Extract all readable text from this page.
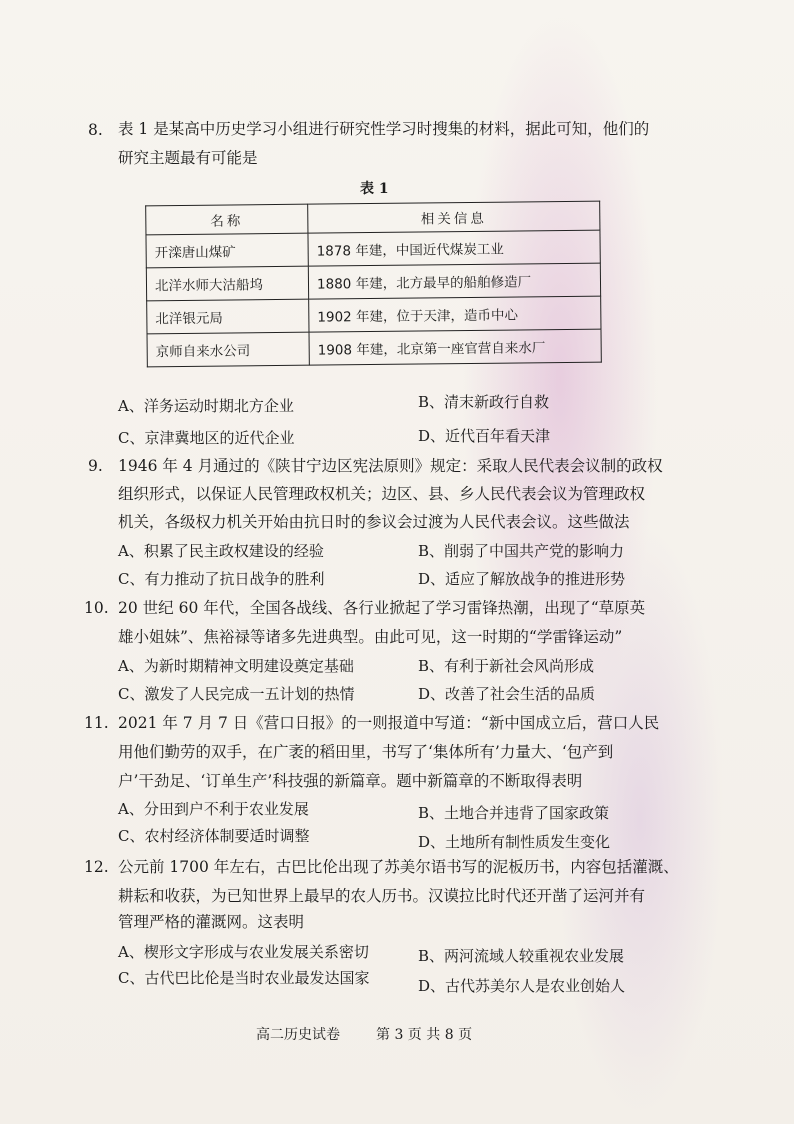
8. 表 1 是某高中历史学习小组进行研究性学习时搜集的材料，据此可知，他们的
研究主题最有可能是
表 1
名称	相关信息
开滦唐山煤矿	1878 年建，中国近代煤炭工业
北洋水师大沽船坞	1880 年建，北方最早的船舶修造厂
北洋银元局	1902 年建，位于天津，造币中心
京师自来水公司	1908 年建，北京第一座官营自来水厂
A、洋务运动时期北方企业	B、清末新政行自救
C、京津冀地区的近代企业	D、近代百年看天津
9. 1946 年 4 月通过的《陕甘宁边区宪法原则》规定：采取人民代表会议制的政权
组织形式，以保证人民管理政权机关；边区、县、乡人民代表会议为管理政权
机关，各级权力机关开始由抗日时的参议会过渡为人民代表会议。这些做法
A、积累了民主政权建设的经验	B、削弱了中国共产党的影响力
C、有力推动了抗日战争的胜利	D、适应了解放战争的推进形势
10. 20 世纪 60 年代，全国各战线、各行业掀起了学习雷锋热潮，出现了“草原英
雄小姐妹”、焦裕禄等诸多先进典型。由此可见，这一时期的“学雷锋运动”
A、为新时期精神文明建设奠定基础	B、有利于新社会风尚形成
C、激发了人民完成一五计划的热情	D、改善了社会生活的品质
11. 2021 年 7 月 7 日《营口日报》的一则报道中写道：“新中国成立后，营口人民
用他们勤劳的双手，在广袤的稻田里，书写了‘集体所有’力量大、‘包产到
户’干劲足、‘订单生产’科技强的新篇章。题中新篇章的不断取得表明
A、分田到户不利于农业发展	B、土地合并违背了国家政策
C、农村经济体制要适时调整	D、土地所有制性质发生变化
12. 公元前 1700 年左右，古巴比伦出现了苏美尔语书写的泥板历书，内容包括灌溉、
耕耘和收获，为已知世界上最早的农人历书。汉谟拉比时代还开凿了运河并有
管理严格的灌溉网。这表明
A、楔形文字形成与农业发展关系密切	B、两河流域人较重视农业发展
C、古代巴比伦是当时农业最发达国家	D、古代苏美尔人是农业创始人
高二历史试卷	第 3 页 共 8 页
